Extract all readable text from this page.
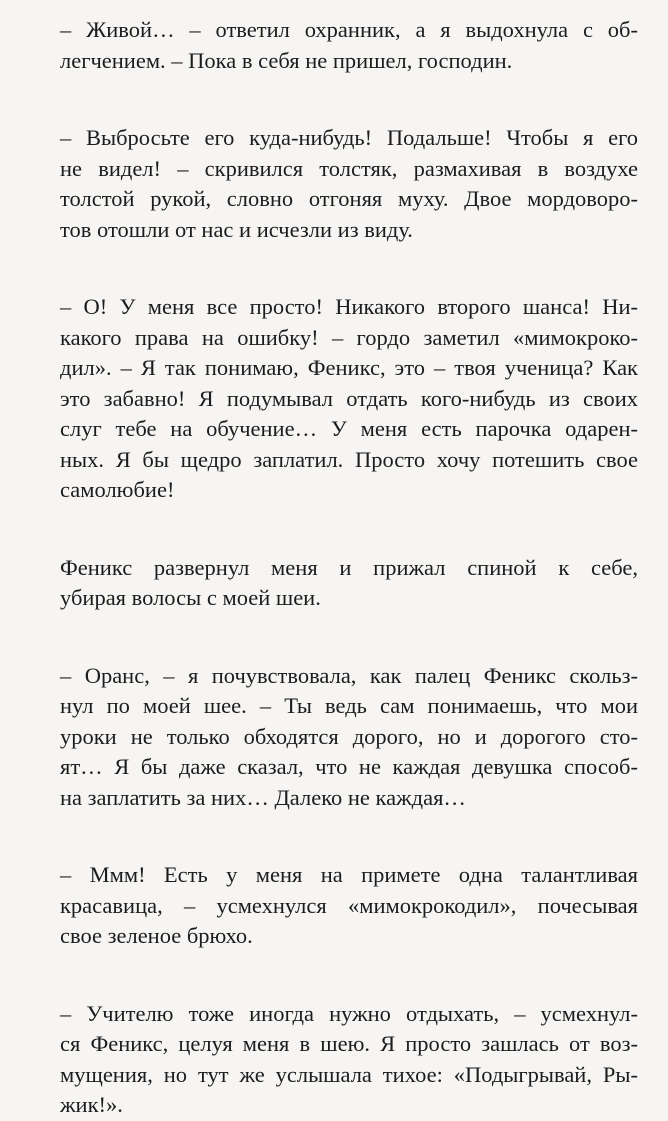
– Живой… – ответил охранник, а я выдохнула с об-
легчением. – Пока в себя не пришел, господин.

– Выбросьте его куда-нибудь! Подальше! Чтобы я его
не видел! – скривился толстяк, размахивая в воздухе
толстой рукой, словно отгоняя муху. Двое мордоворо-
тов отошли от нас и исчезли из виду.

– О! У меня все просто! Никакого второго шанса! Ни-
какого права на ошибку! – гордо заметил «мимокроко-
дил». – Я так понимаю, Феникс, это – твоя ученица? Как
это забавно! Я подумывал отдать кого-нибудь из своих
слуг тебе на обучение… У меня есть парочка одарен-
ных. Я бы щедро заплатил. Просто хочу потешить свое
самолюбие!

Феникс развернул меня и прижал спиной к себе,
убирая волосы с моей шеи.

– Оранс, – я почувствовала, как палец Феникс скольз-
нул по моей шее. – Ты ведь сам понимаешь, что мои
уроки не только обходятся дорого, но и дорогого сто-
ят… Я бы даже сказал, что не каждая девушка способ-
на заплатить за них… Далеко не каждая…

– Ммм! Есть у меня на примете одна талантливая
красавица, – усмехнулся «мимокрокодил», почесывая
свое зеленое брюхо.

– Учителю тоже иногда нужно отдыхать, – усмехнул-
ся Феникс, целуя меня в шею. Я просто зашлась от воз-
мущения, но тут же услышала тихое: «Подыгрывай, Ры-
жик!».
